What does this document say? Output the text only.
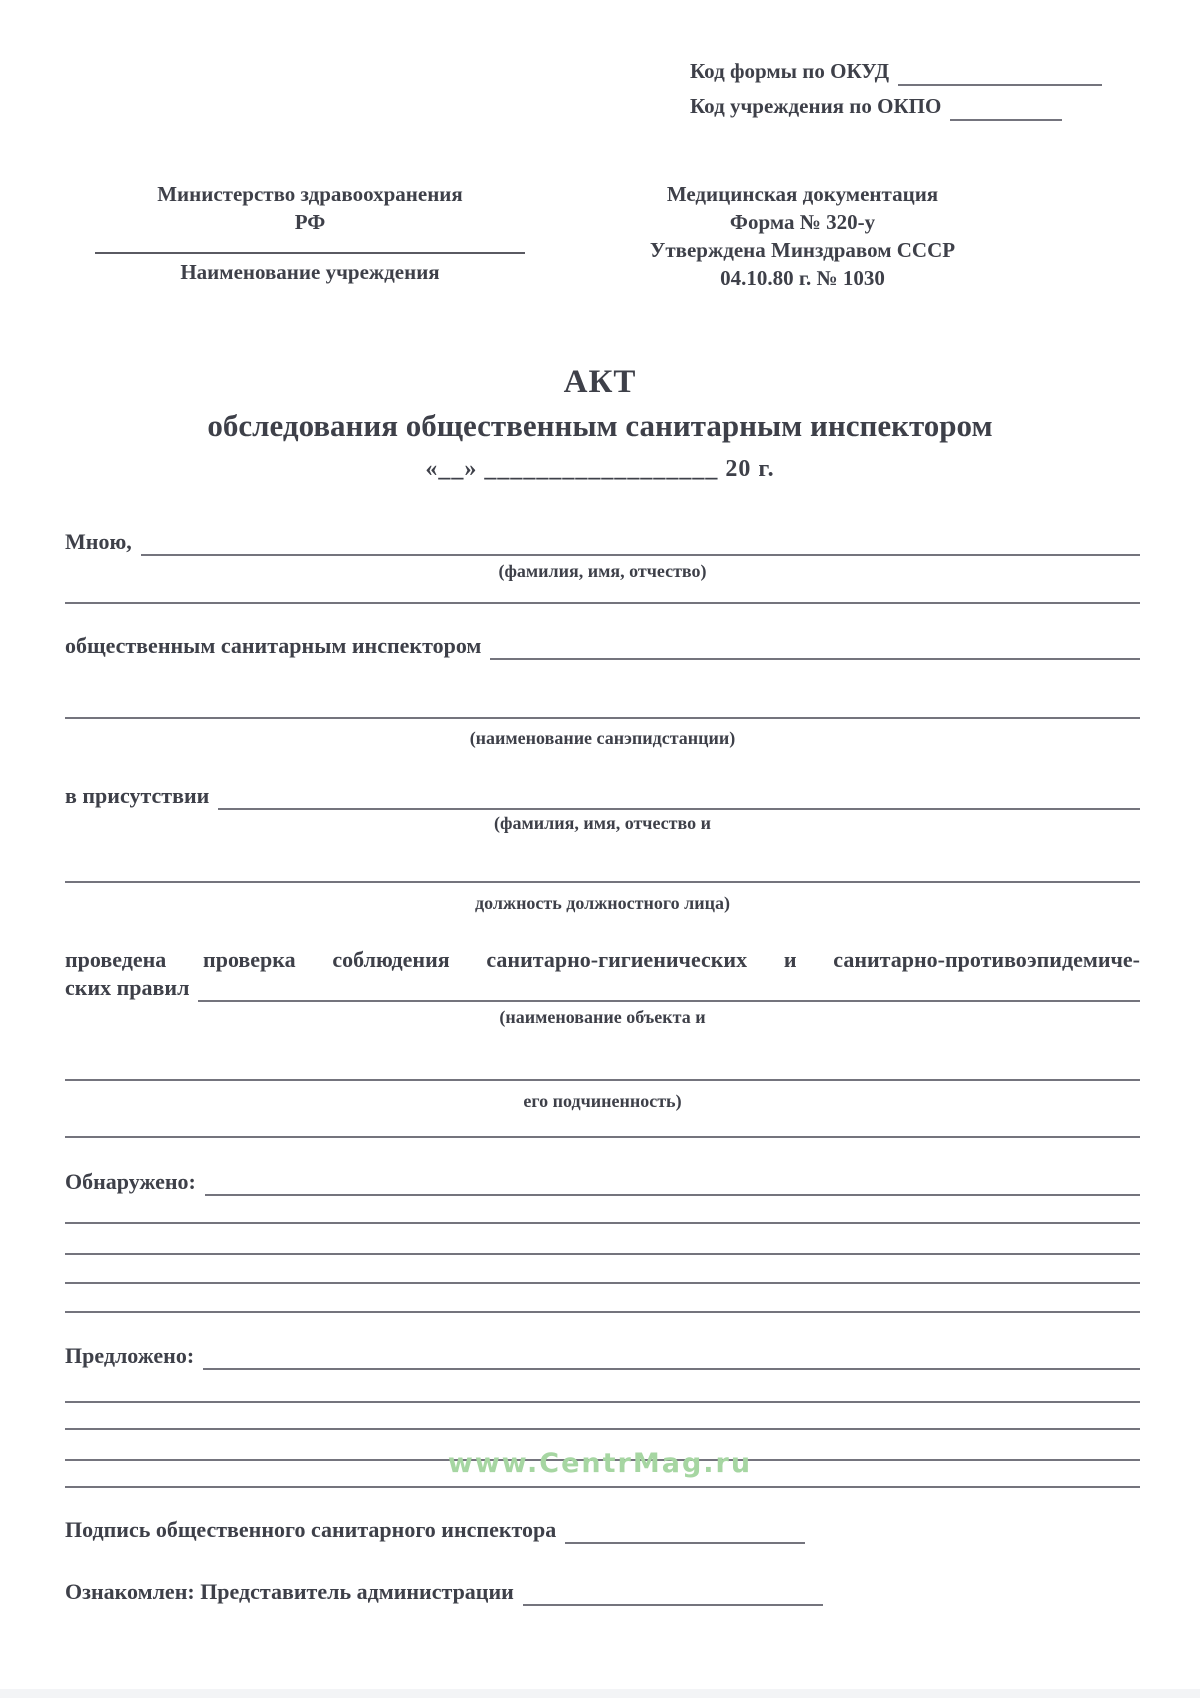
Код формы по ОКУД
Код учреждения по ОКПО
Министерство здравоохранения
РФ
Наименование учреждения
Медицинская документация
Форма № 320-у
Утверждена Минздравом СССР
04.10.80 г. № 1030
АКТ
обследования общественным санитарным инспектором
«__» __________________ 20 г.
Мною,
(фамилия, имя, отчество)
общественным санитарным инспектором
(наименование санэпидстанции)
в присутствии
(фамилия, имя, отчество и
должность должностного лица)
проведена проверка соблюдения санитарно-гигиенических и санитарно-противоэпидемиче-
ских правил
(наименование объекта и
его подчиненность)
Обнаружено:
Предложено:
www.CentrMag.ru
Подпись общественного санитарного инспектора
Ознакомлен: Представитель администрации
